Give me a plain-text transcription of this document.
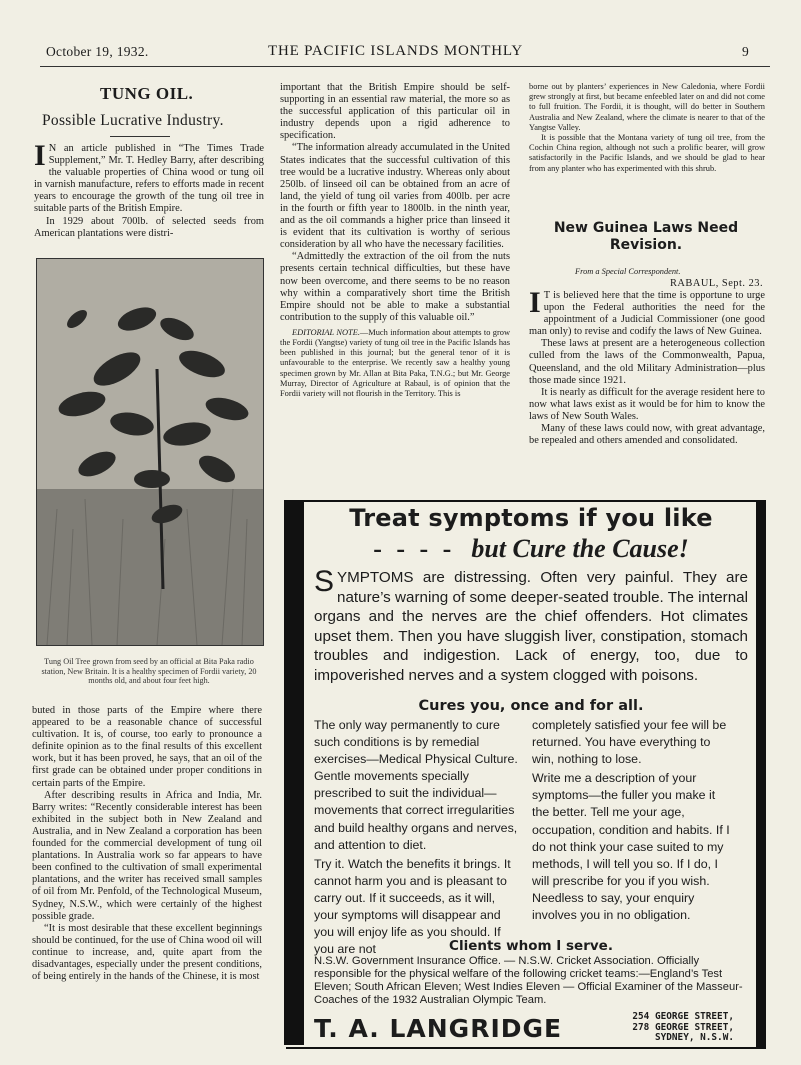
October 19, 1932.	THE PACIFIC ISLANDS MONTHLY	9
TUNG OIL.
Possible Lucrative Industry.

I N an article published in “The Times Trade Supplement,” Mr. T. Hedley Barry, after describing the valuable properties of China wood or tung oil in varnish manufacture, refers to efforts made in recent years to encourage the growth of the tung oil tree in suitable parts of the British Empire.

In 1929 about 700lb. of selected seeds from American plantations were distri-

Tung Oil Tree grown from seed by an official at Bita Paka radio station, New Britain. It is a healthy specimen of Fordii variety, 20 months old, and about four feet high.

buted in those parts of the Empire where there appeared to be a reasonable chance of successful cultivation. It is, of course, too early to pronounce a definite opinion as to the final results of this excellent work, but it has been proved, he says, that an oil of the first grade can be obtained under proper conditions in certain parts of the Empire.

After describing results in Africa and India, Mr. Barry writes: “Recently considerable interest has been exhibited in the subject both in New Zealand and Australia, and in New Zealand a corporation has been founded for the commercial development of tung oil plantations. In Australia work so far appears to have been confined to the cultivation of small experimental plantations, and the writer has received small samples of oil from Mr. Penfold, of the Technological Museum, Sydney, N.S.W., which were certainly of the highest possible grade.

“It is most desirable that these excellent beginnings should be continued, for the use of China wood oil will continue to increase, and, quite apart from the disadvantages, especially under the present conditions, of being entirely in the hands of the Chinese, it is most

important that the British Empire should be self-supporting in an essential raw material, the more so as the successful application of this particular oil in industry depends upon a rigid adherence to specification.

“The information already accumulated in the United States indicates that the successful cultivation of this tree would be a lucrative industry. Whereas only about 250lb. of linseed oil can be obtained from an acre of land, the yield of tung oil varies from 400lb. per acre in the fourth or fifth year to 1800lb. in the ninth year, and as the oil commands a higher price than linseed it is evident that its cultivation is worthy of serious consideration by all who have the necessary facilities.

“Admittedly the extraction of the oil from the nuts presents certain technical difficulties, but these have now been overcome, and there seems to be no reason why within a comparatively short time the British Empire should not be able to make a substantial contribution to the supply of this valuable oil.”

EDITORIAL NOTE.—Much information about attempts to grow the Fordii (Yangtse) variety of tung oil tree in the Pacific Islands has been published in this journal; but the general tenor of it is unfavourable to the enterprise. We recently saw a healthy young specimen grown by Mr. Allan at Bita Paka, T.N.G.; but Mr. George Murray, Director of Agriculture at Rabaul, is of opinion that the Fordii variety will not flourish in the Territory. This is

borne out by planters’ experiences in New Caledonia, where Fordii grew strongly at first, but became enfeebled later on and did not come to full fruition. The Fordii, it is thought, will do better in Southern Australia and New Zealand, where the climate is nearer to that of the Yangtse Valley.

It is possible that the Montana variety of tung oil tree, from the Cochin China region, although not such a prolific bearer, will grow satisfactorily in the Pacific Islands, and we should be glad to hear from any planter who has experimented with this shrub.

New Guinea Laws Need Revision.
From a Special Correspondent.
RABAUL, Sept. 23.

I T is believed here that the time is opportune to urge upon the Federal authorities the need for the appointment of a Judicial Commissioner (one good man only) to revise and codify the laws of New Guinea.

These laws at present are a heterogeneous collection culled from the laws of the Commonwealth, Papua, Queensland, and the old Military Administration—plus those made since 1921.

It is nearly as difficult for the average resident here to now what laws exist as it would be for him to know the laws of New South Wales.

Many of these laws could now, with great advantage, be repealed and others amended and consolidated.

Treat symptoms if you like
- - - - but Cure the Cause!
SYMPTOMS are distressing. Often very painful. They are nature’s warning of some deeper-seated trouble. The internal organs and the nerves are the chief offenders. Hot climates upset them. Then you have sluggish liver, constipation, stomach troubles and indigestion. Lack of energy, too, due to impoverished nerves and a system clogged with poisons.
Cures you, once and for all.

The only way permanently to cure such conditions is by remedial exercises—Medical Physical Culture. Gentle movements specially prescribed to suit the individual—movements that correct irregularities and build healthy organs and nerves, and attention to diet.

Try it. Watch the benefits it brings. It cannot harm you and is pleasant to carry out. If it succeeds, as it will, your symptoms will disappear and you will enjoy life as you should. If you are not

completely satisfied your fee will be returned. You have everything to win, nothing to lose.

Write me a description of your symptoms—the fuller you make it the better. Tell me your age, occupation, condition and habits. If I do not think your case suited to my methods, I will tell you so. If I do, I will prescribe for you if you wish. Needless to say, your enquiry involves you in no obligation.

Clients whom I serve.
N.S.W. Government Insurance Office. — N.S.W. Cricket Association. Officially responsible for the physical welfare of the following cricket teams:—England’s Test Eleven; South African Eleven; West Indies Eleven — Official Examiner of the Masseur-Coaches of the 1932 Australian Olympic Team.
T. A. LANGRIDGE	254 GEORGE STREET,
278 GEORGE STREET,
SYDNEY, N.S.W.
